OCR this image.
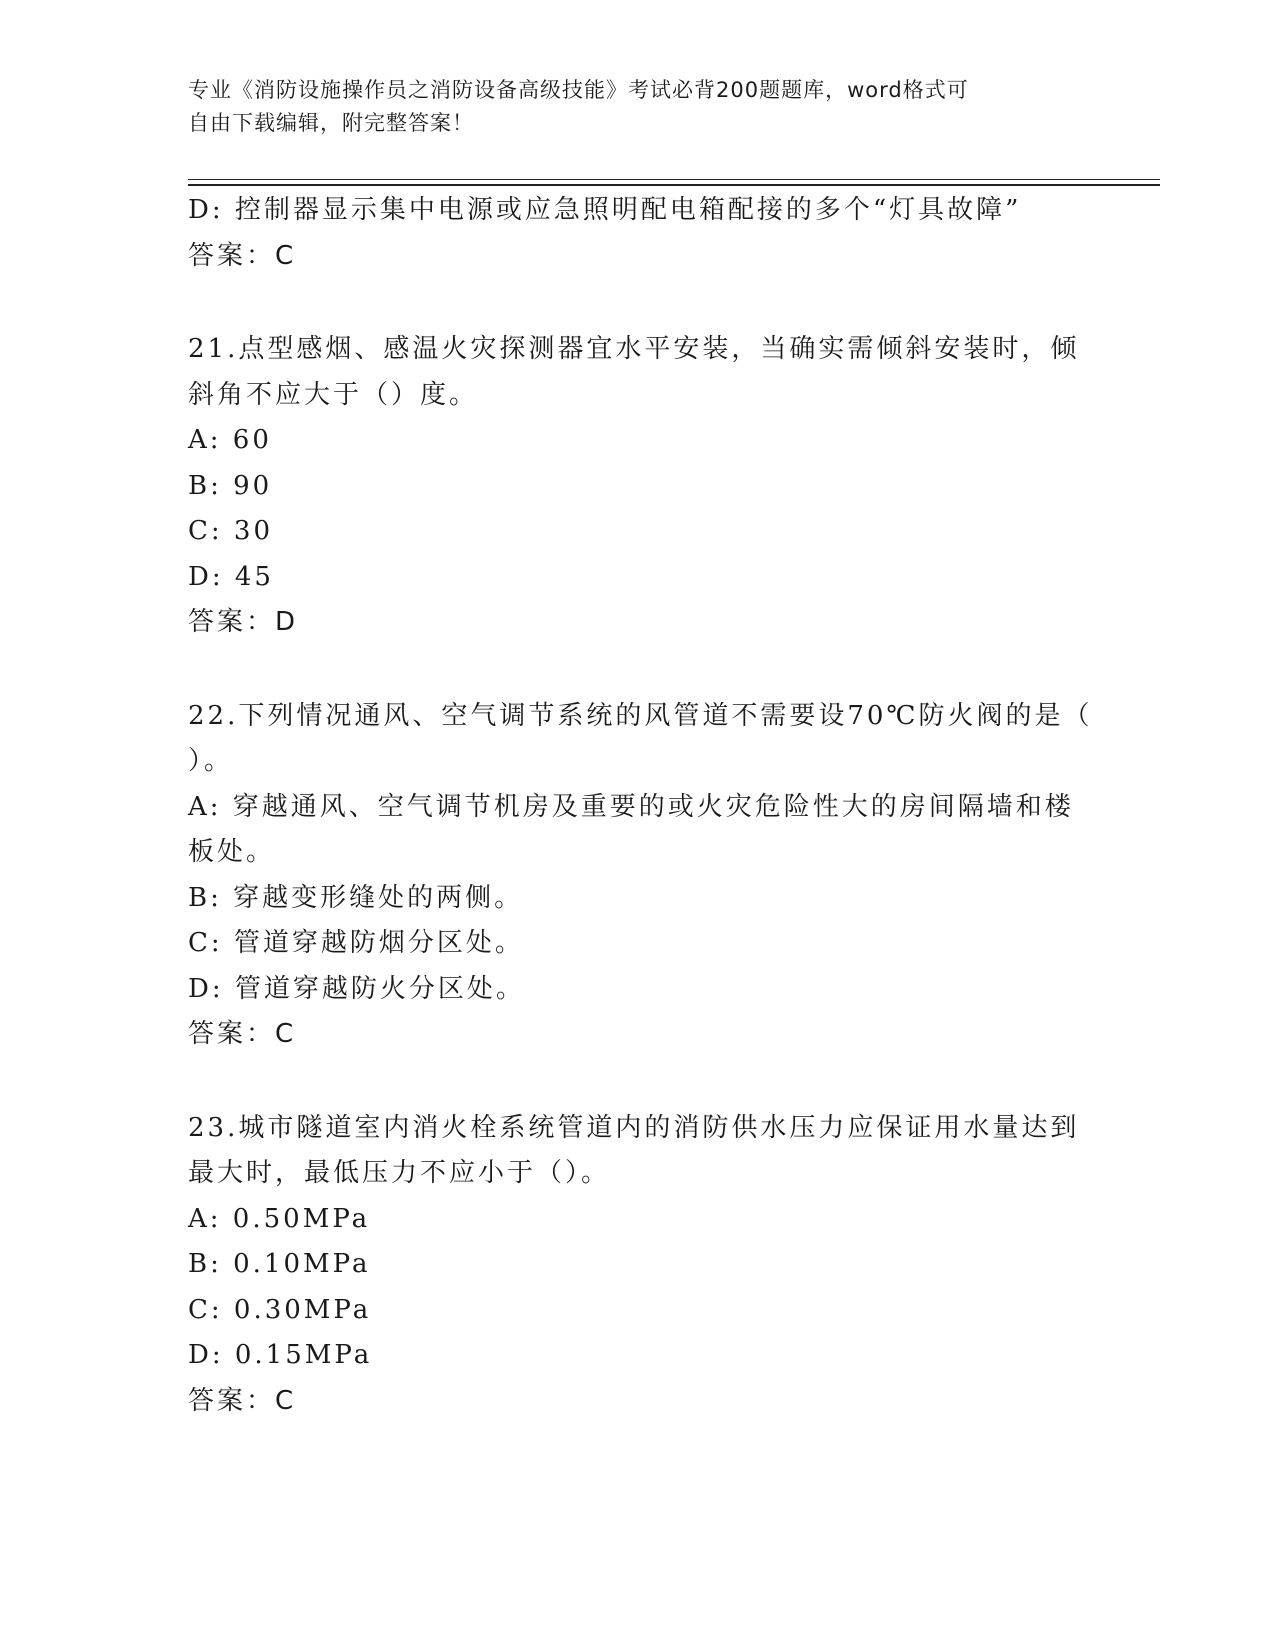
专业《消防设施操作员之消防设备高级技能》考试必背200题题库，word格式可
自由下载编辑，附完整答案！
D: 控制器显示集中电源或应急照明配电箱配接的多个“灯具故障”
答案：C
21.点型感烟、感温火灾探测器宜水平安装，当确实需倾斜安装时，倾
斜角不应大于（）度。
A: 60
B: 90
C: 30
D: 45
答案：D
22.下列情况通风、空气调节系统的风管道不需要设70℃防火阀的是（
）。
A: 穿越通风、空气调节机房及重要的或火灾危险性大的房间隔墙和楼
板处。
B: 穿越变形缝处的两侧。
C: 管道穿越防烟分区处。
D: 管道穿越防火分区处。
答案：C
23.城市隧道室内消火栓系统管道内的消防供水压力应保证用水量达到
最大时，最低压力不应小于（）。
A: 0.50MPa
B: 0.10MPa
C: 0.30MPa
D: 0.15MPa
答案：C
